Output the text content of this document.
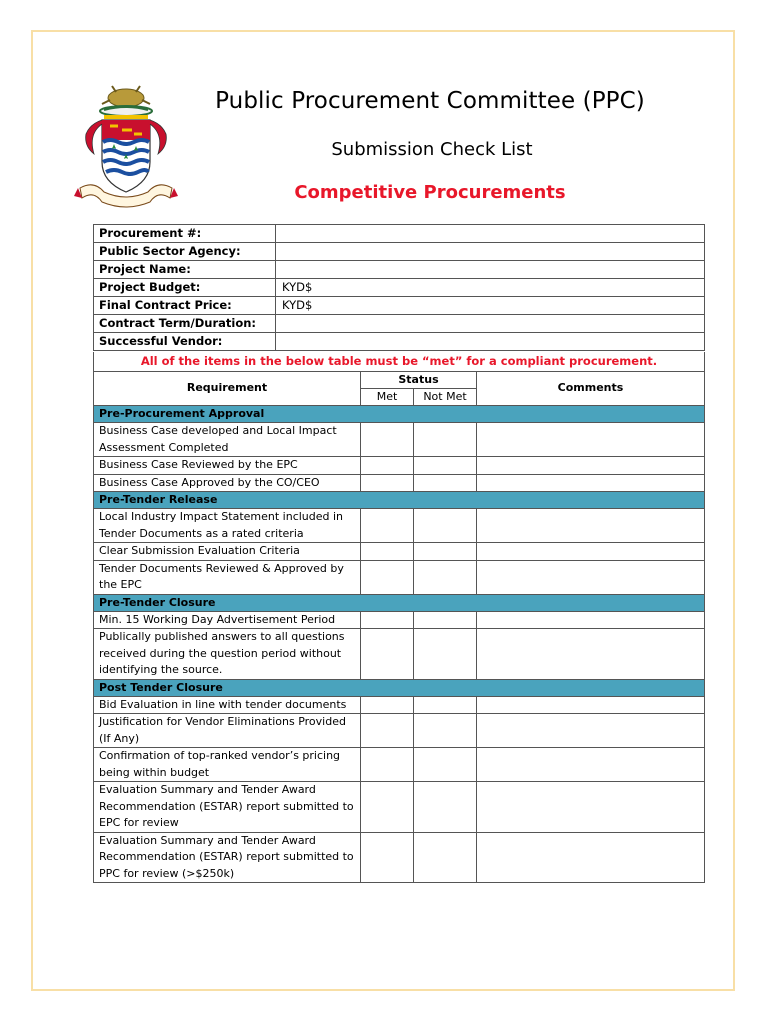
Public Procurement Committee (PPC)
Submission Check List
Competitive Procurements
Procurement #:	
Public Sector Agency:	
Project Name:	
Project Budget:	KYD$
Final Contract Price:	KYD$
Contract Term/Duration:	
Successful Vendor:	
All of the items in the below table must be “met” for a compliant procurement.
Requirement	Status		Comments
	Met	Not Met	
Pre-Procurement Approval			
Business Case developed and Local Impact Assessment Completed			
Business Case Reviewed by the EPC			
Business Case Approved by the CO/CEO			
Pre-Tender Release			
Local Industry Impact Statement included in Tender Documents as a rated criteria			
Clear Submission Evaluation Criteria			
Tender Documents Reviewed & Approved by the EPC			
Pre-Tender Closure			
Min. 15 Working Day Advertisement Period			
Publically published answers to all questions received during the question period without identifying the source.			
Post Tender Closure			
Bid Evaluation in line with tender documents			
Justification for Vendor Eliminations Provided (If Any)			
Confirmation of top-ranked vendor’s pricing being within budget			
Evaluation Summary and Tender Award Recommendation (ESTAR) report submitted to EPC for review			
Evaluation Summary and Tender Award Recommendation (ESTAR) report submitted to PPC for review (>$250k)			
